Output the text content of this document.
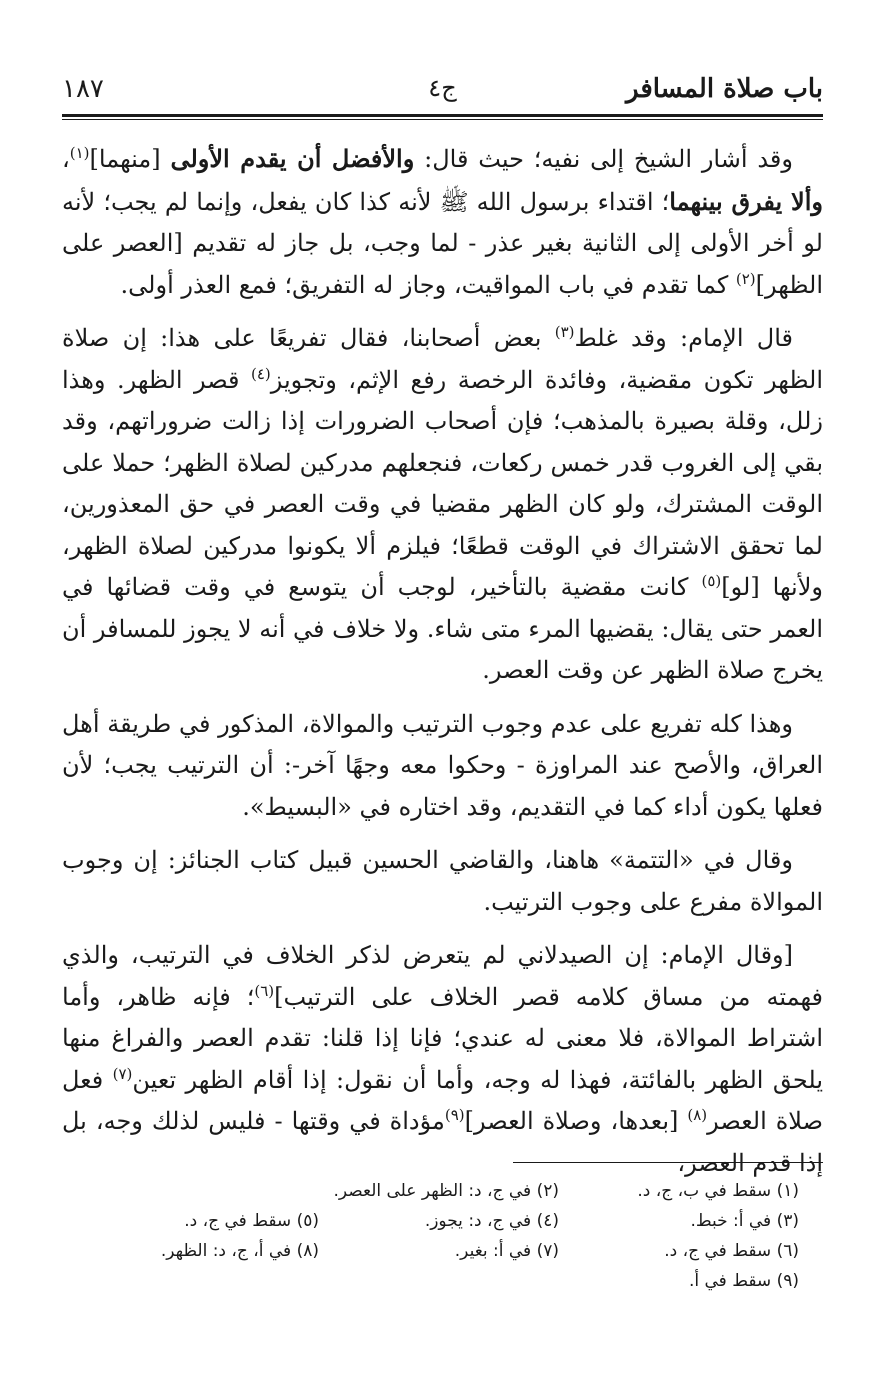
باب صلاة المسافر
ج٤
١٨٧

وقد أشار الشيخ إلى نفيه؛ حيث قال: والأفضل أن يقدم الأولى [منهما]$^{(١)}$، وألا يفرق بينهما؛ اقتداء برسول الله ﷺ لأنه كذا كان يفعل، وإنما لم يجب؛ لأنه لو أخر الأولى إلى الثانية بغير عذر - لما وجب، بل جاز له تقديم [العصر على الظهر]$^{(٢)}$ كما تقدم في باب المواقيت، وجاز له التفريق؛ فمع العذر أولى.

قال الإمام: وقد غلط$^{(٣)}$ بعض أصحابنا، فقال تفريعًا على هذا: إن صلاة الظهر تكون مقضية، وفائدة الرخصة رفع الإثم، وتجويز$^{(٤)}$ قصر الظهر. وهذا زلل، وقلة بصيرة بالمذهب؛ فإن أصحاب الضرورات إذا زالت ضروراتهم، وقد بقي إلى الغروب قدر خمس ركعات، فنجعلهم مدركين لصلاة الظهر؛ حملا على الوقت المشترك، ولو كان الظهر مقضيا في وقت العصر في حق المعذورين، لما تحقق الاشتراك في الوقت قطعًا؛ فيلزم ألا يكونوا مدركين لصلاة الظهر، ولأنها [لو]$^{(٥)}$ كانت مقضية بالتأخير، لوجب أن يتوسع في وقت قضائها في العمر حتى يقال: يقضيها المرء متى شاء. ولا خلاف في أنه لا يجوز للمسافر أن يخرج صلاة الظهر عن وقت العصر.

وهذا كله تفريع على عدم وجوب الترتيب والموالاة، المذكور في طريقة أهل العراق، والأصح عند المراوزة - وحكوا معه وجهًا آخر-: أن الترتيب يجب؛ لأن فعلها يكون أداء كما في التقديم، وقد اختاره في «البسيط».

وقال في «التتمة» هاهنا، والقاضي الحسين قبيل كتاب الجنائز: إن وجوب الموالاة مفرع على وجوب الترتيب.

[وقال الإمام: إن الصيدلاني لم يتعرض لذكر الخلاف في الترتيب، والذي فهمته من مساق كلامه قصر الخلاف على الترتيب]$^{(٦)}$؛ فإنه ظاهر، وأما اشتراط الموالاة، فلا معنى له عندي؛ فإنا إذا قلنا: تقدم العصر والفراغ منها يلحق الظهر بالفائتة، فهذا له وجه، وأما أن نقول: إذا أقام الظهر تعين$^{(٧)}$ فعل صلاة العصر$^{(٨)}$ [بعدها، وصلاة العصر]$^{(٩)}$مؤداة في وقتها - فليس لذلك وجه، بل إذا قدم العصر،

(١) سقط في ب، ج، د.
(٢) في ج، د: الظهر على العصر.
(٣) في أ: خبط.
(٤) في ج، د: يجوز.
(٥) سقط في ج، د.
(٦) سقط في ج، د.
(٧) في أ: بغير.
(٨) في أ، ج، د: الظهر.
(٩) سقط في أ.
